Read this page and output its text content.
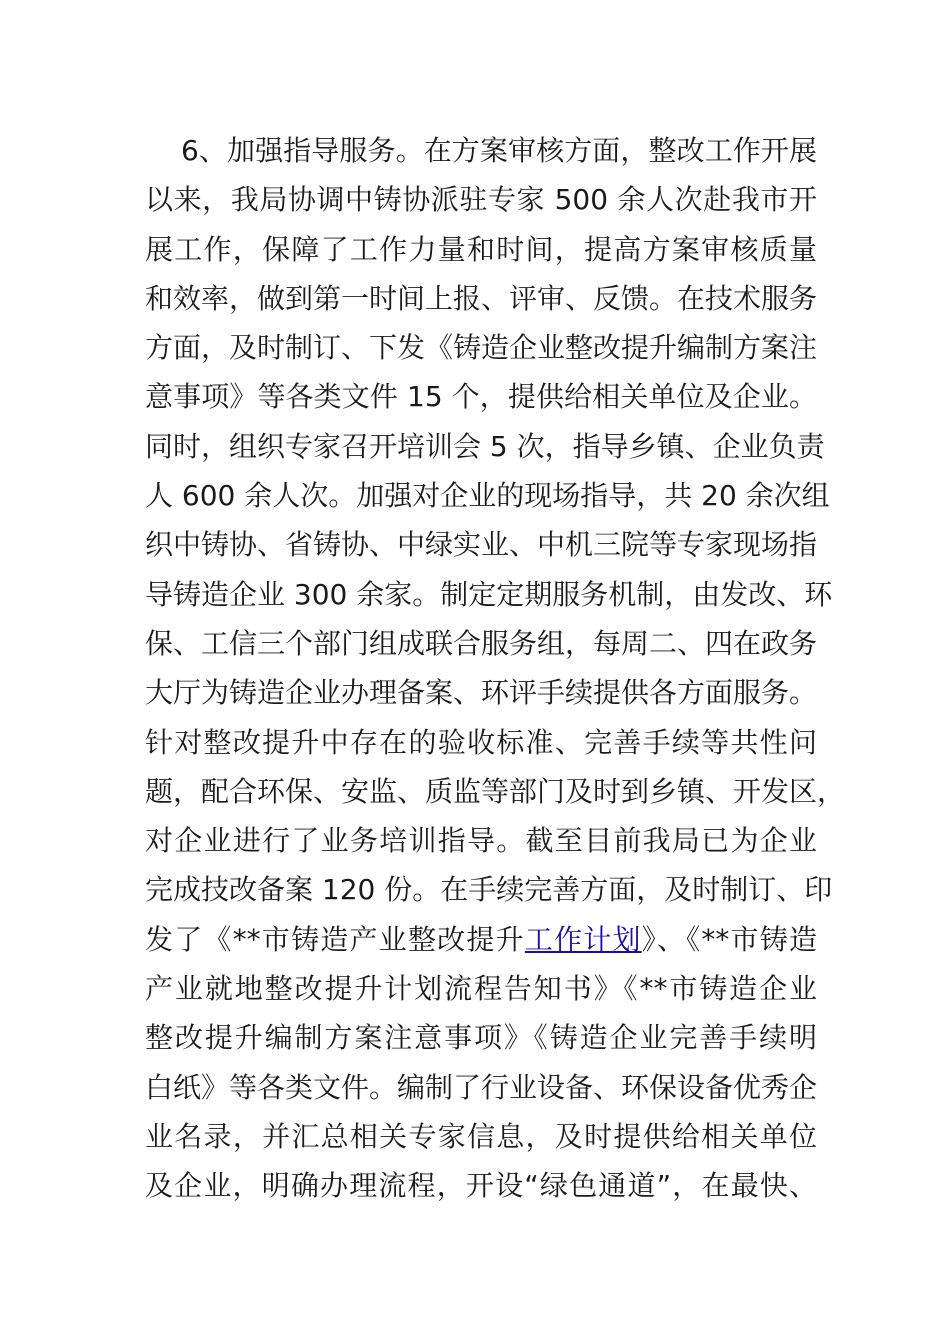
6、加强指导服务。在方案审核方面，整改工作开展
以来，我局协调中铸协派驻专家 500 余人次赴我市开
展工作，保障了工作力量和时间，提高方案审核质量
和效率，做到第一时间上报、评审、反馈。在技术服务
方面，及时制订、下发《铸造企业整改提升编制方案注
意事项》等各类文件 15 个，提供给相关单位及企业。
同时，组织专家召开培训会 5 次，指导乡镇、企业负责
人 600 余人次。加强对企业的现场指导，共 20 余次组
织中铸协、省铸协、中绿实业、中机三院等专家现场指
导铸造企业 300 余家。制定定期服务机制，由发改、环
保、工信三个部门组成联合服务组，每周二、四在政务
大厅为铸造企业办理备案、环评手续提供各方面服务。
针对整改提升中存在的验收标准、完善手续等共性问
题，配合环保、安监、质监等部门及时到乡镇、开发区，
对企业进行了业务培训指导。截至目前我局已为企业
完成技改备案 120 份。在手续完善方面，及时制订、印
发了《**市铸造产业整改提升工作计划》、《**市铸造
产业就地整改提升计划流程告知书》《**市铸造企业
整改提升编制方案注意事项》《铸造企业完善手续明
白纸》等各类文件。编制了行业设备、环保设备优秀企
业名录，并汇总相关专家信息，及时提供给相关单位
及企业，明确办理流程，开设“绿色通道”，在最快、
